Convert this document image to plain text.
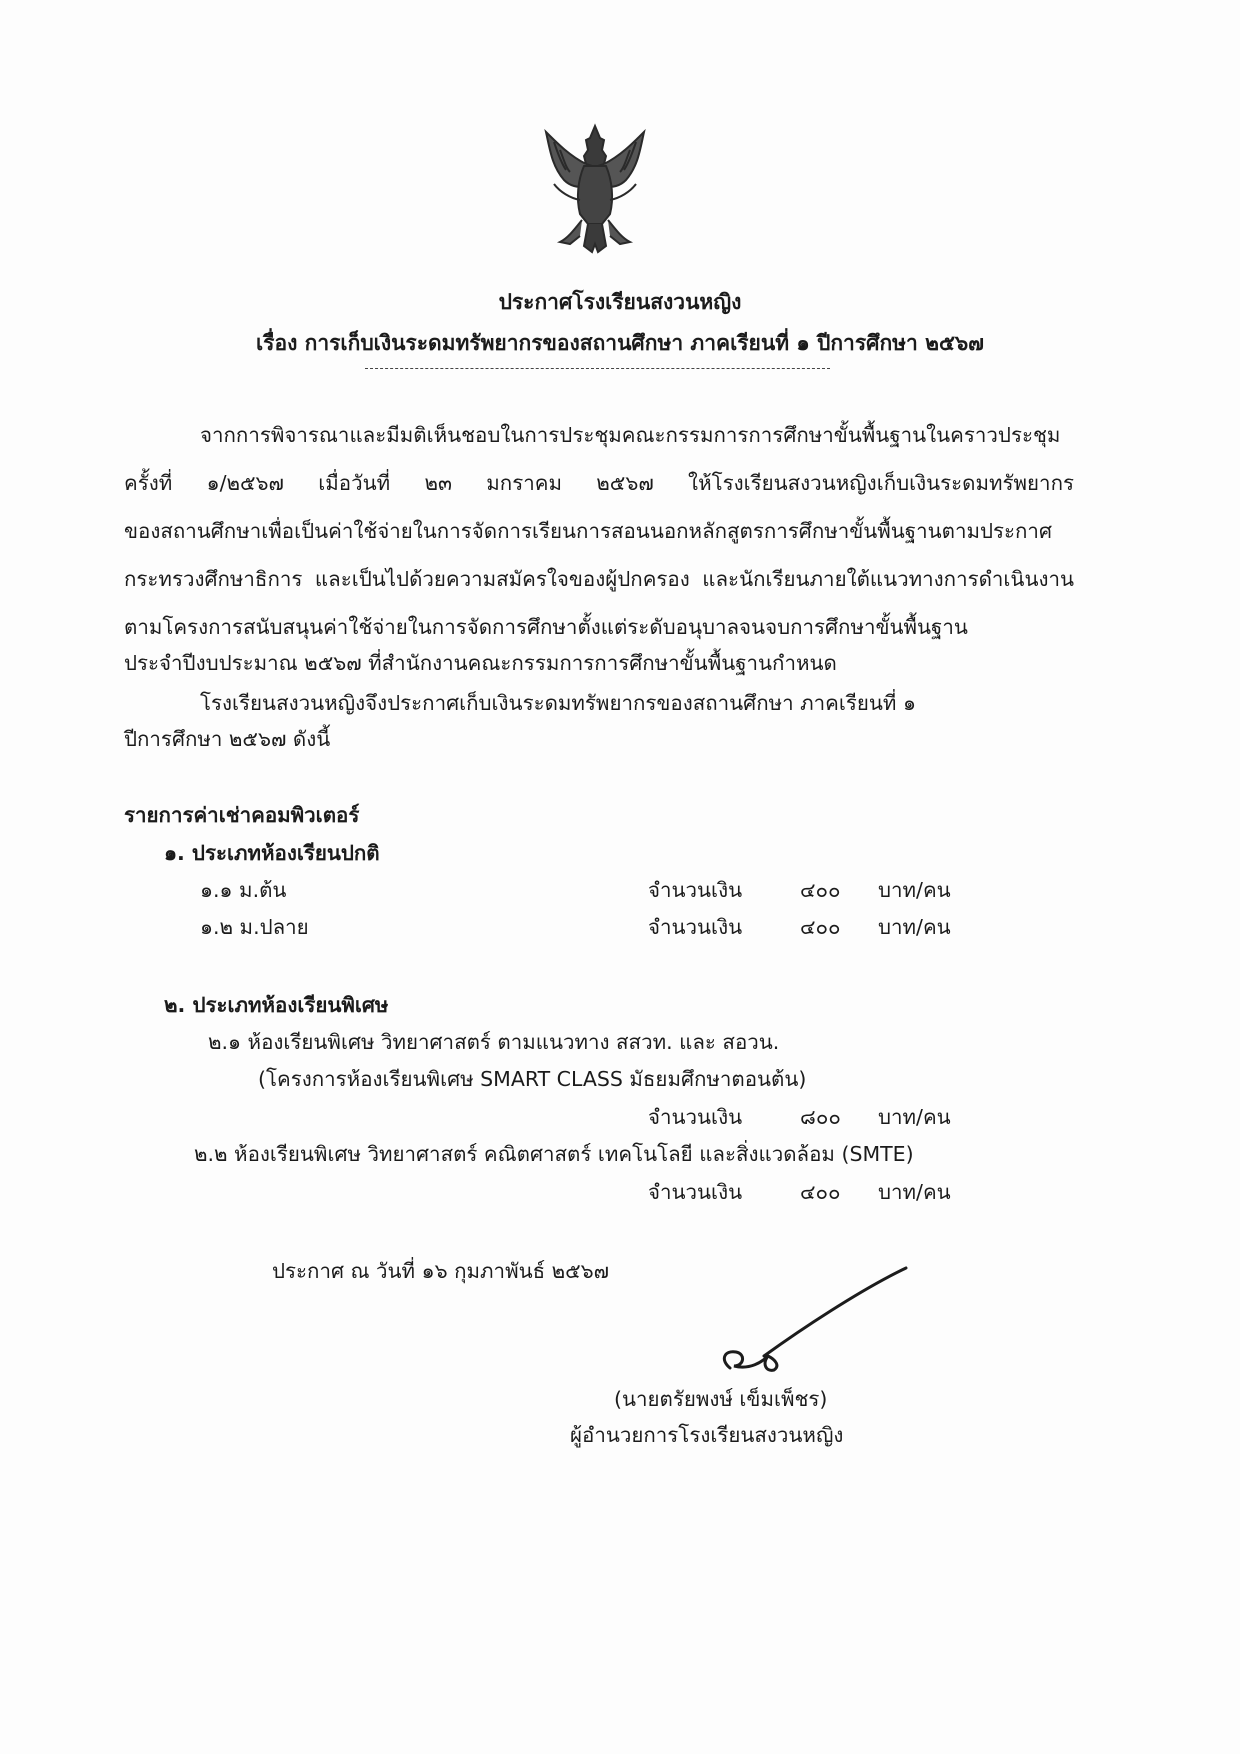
ประกาศโรงเรียนสงวนหญิง
เรื่อง การเก็บเงินระดมทรัพยากรของสถานศึกษา ภาคเรียนที่ ๑ ปีการศึกษา ๒๕๖๗
จากการพิจารณาและมีมติเห็นชอบในการประชุมคณะกรรมการการศึกษาขั้นพื้นฐานในคราวประชุม
ครั้งที่ ๑/๒๕๖๗ เมื่อวันที่ ๒๓ มกราคม ๒๕๖๗ ให้โรงเรียนสงวนหญิงเก็บเงินระดมทรัพยากร
ของสถานศึกษาเพื่อเป็นค่าใช้จ่ายในการจัดการเรียนการสอนนอกหลักสูตรการศึกษาขั้นพื้นฐานตามประกาศ
กระทรวงศึกษาธิการ และเป็นไปด้วยความสมัครใจของผู้ปกครอง และนักเรียนภายใต้แนวทางการดำเนินงาน
ตามโครงการสนับสนุนค่าใช้จ่ายในการจัดการศึกษาตั้งแต่ระดับอนุบาลจนจบการศึกษาขั้นพื้นฐาน
ประจำปีงบประมาณ ๒๕๖๗ ที่สำนักงานคณะกรรมการการศึกษาขั้นพื้นฐานกำหนด
โรงเรียนสงวนหญิงจึงประกาศเก็บเงินระดมทรัพยากรของสถานศึกษา ภาคเรียนที่ ๑
ปีการศึกษา ๒๕๖๗ ดังนี้
รายการค่าเช่าคอมพิวเตอร์
๑. ประเภทห้องเรียนปกติ
๑.๑ ม.ต้น	จำนวนเงิน	๔๐๐ บาท/คน
๑.๒ ม.ปลาย	จำนวนเงิน	๔๐๐ บาท/คน
๒. ประเภทห้องเรียนพิเศษ
๒.๑ ห้องเรียนพิเศษ วิทยาศาสตร์ ตามแนวทาง สสวท. และ สอวน.
(โครงการห้องเรียนพิเศษ SMART CLASS มัธยมศึกษาตอนต้น)
จำนวนเงิน	๘๐๐ บาท/คน
๒.๒ ห้องเรียนพิเศษ วิทยาศาสตร์ คณิตศาสตร์ เทคโนโลยี และสิ่งแวดล้อม (SMTE)
จำนวนเงิน	๔๐๐ บาท/คน
ประกาศ ณ วันที่ ๑๖ กุมภาพันธ์ ๒๕๖๗
(นายตรัยพงษ์ เข็มเพ็ชร)
ผู้อำนวยการโรงเรียนสงวนหญิง
